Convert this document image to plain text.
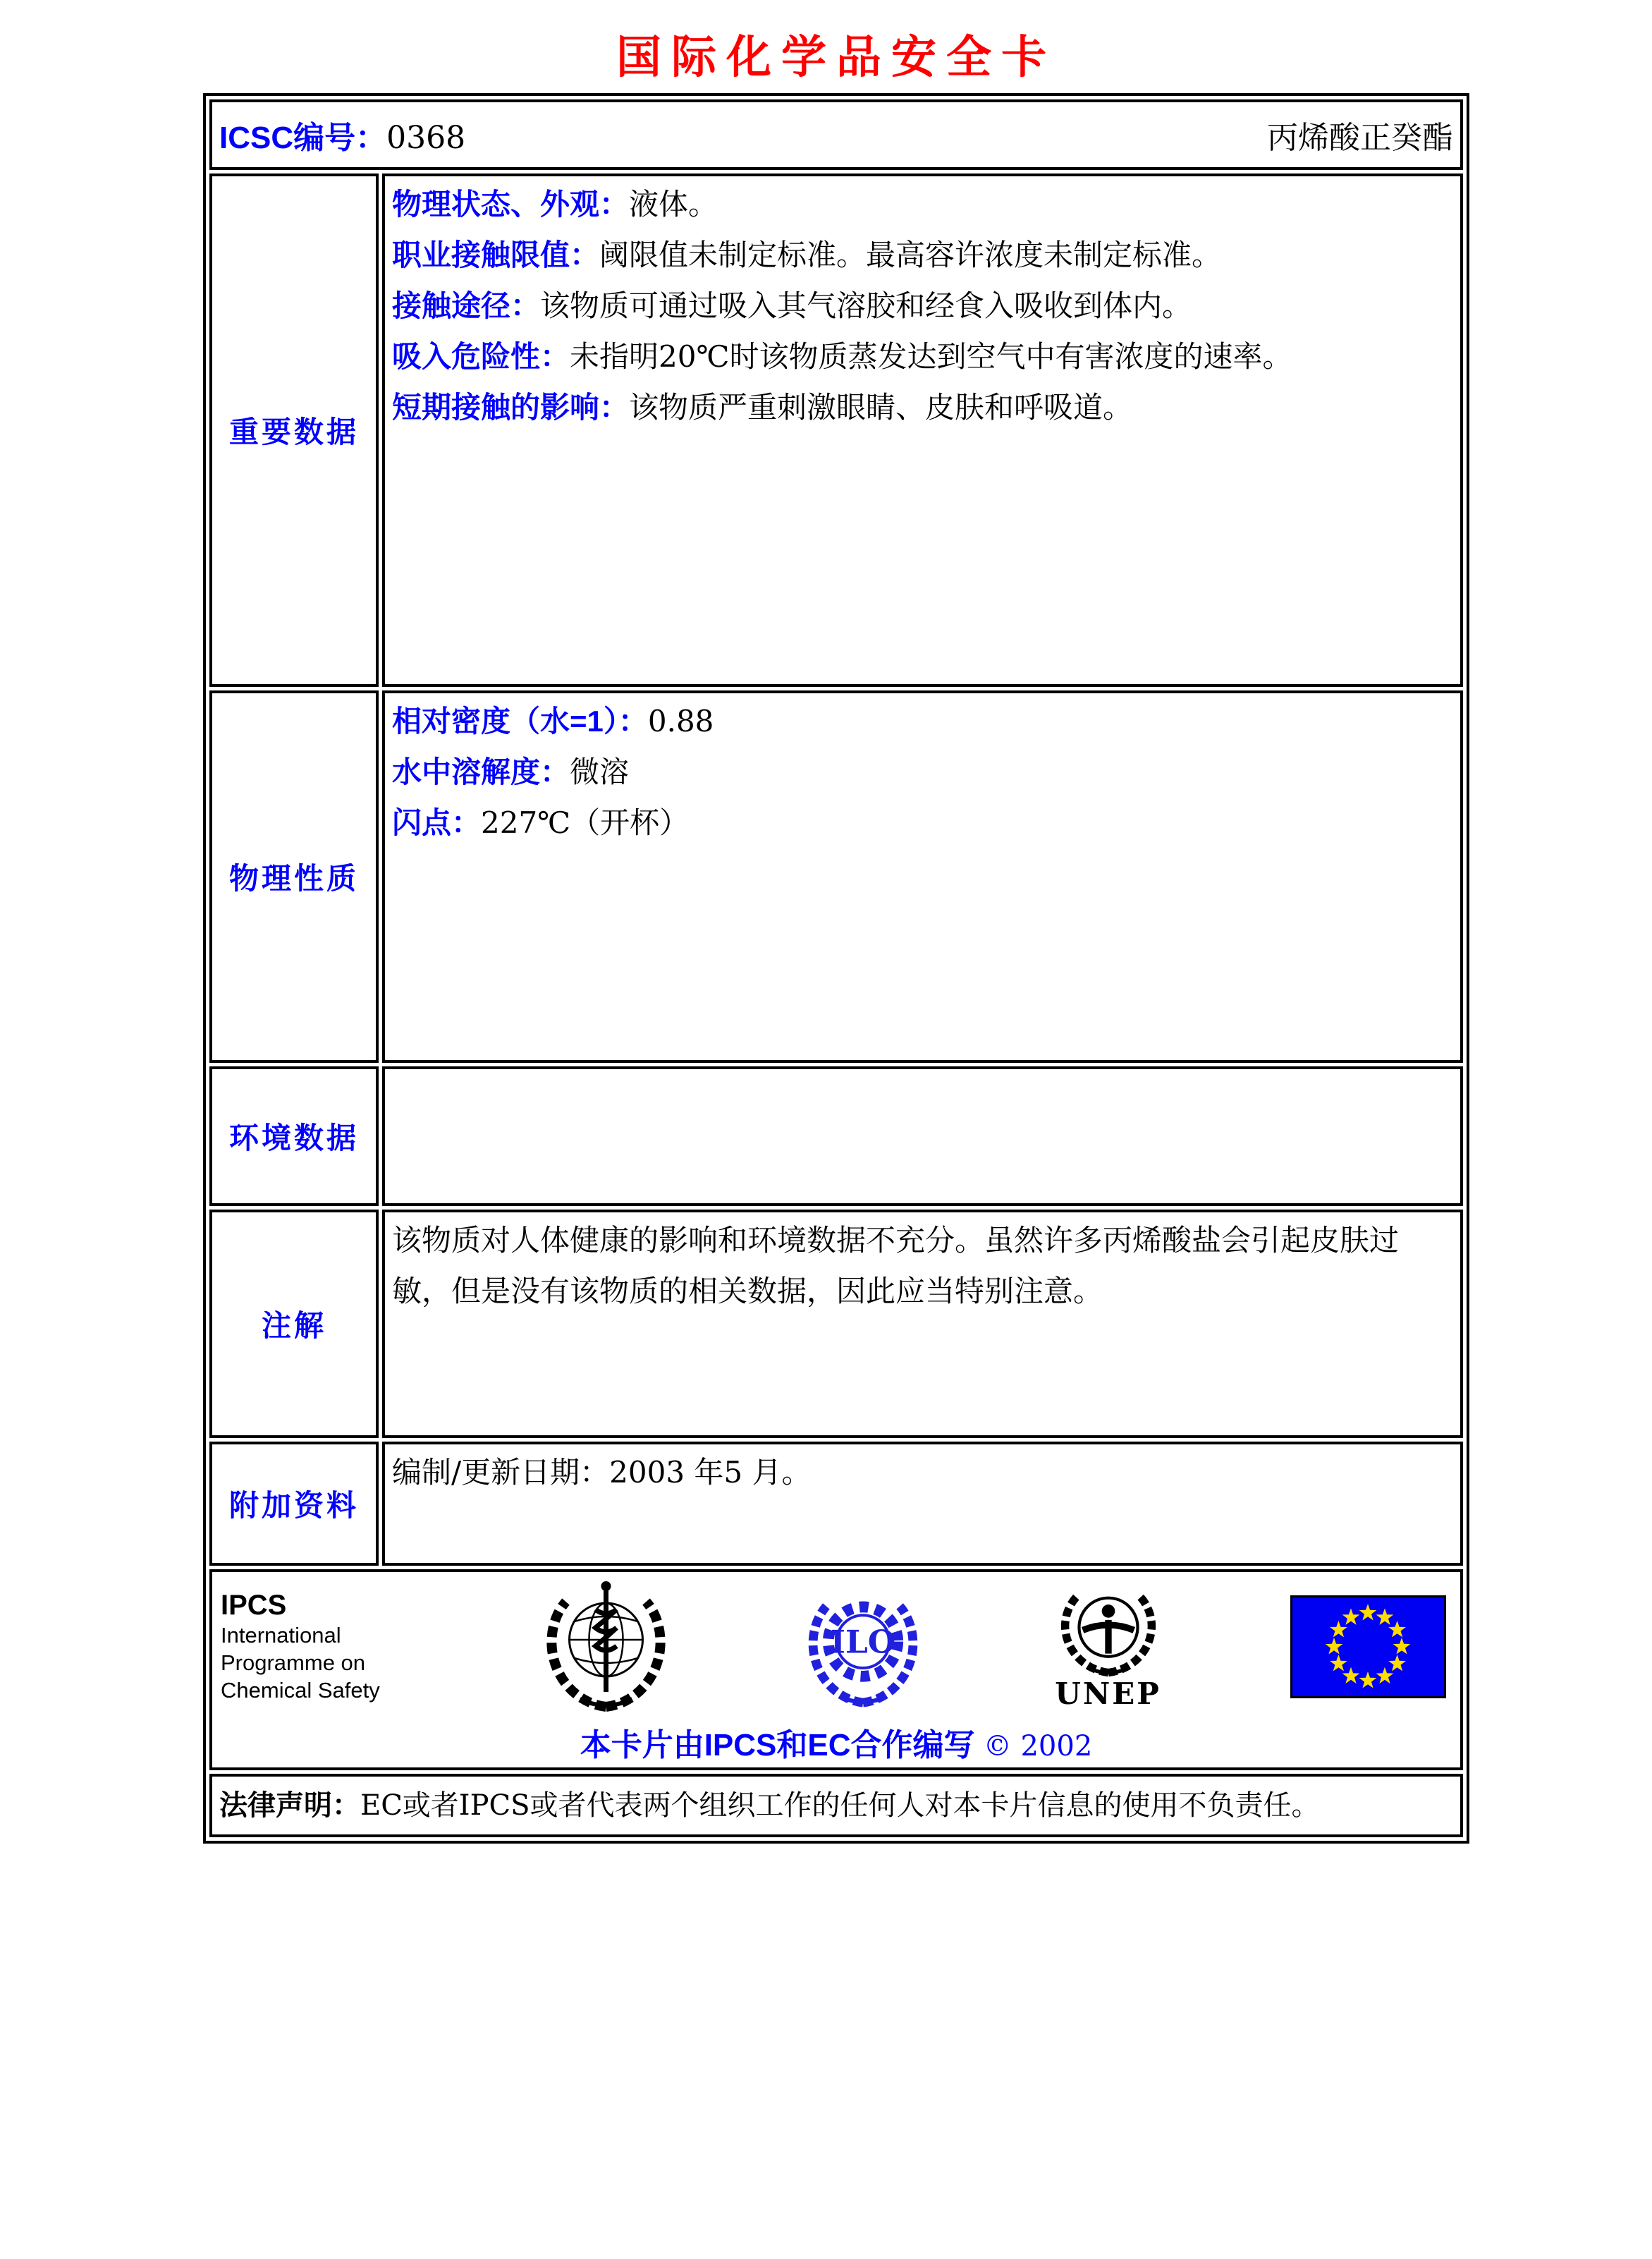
国际化学品安全卡
ICSC编号：0368 丙烯酸正癸酯	

重要数据	物理状态、外观：液体。
职业接触限值：阈限值未制定标准。最高容许浓度未制定标准。
接触途径：该物质可通过吸入其气溶胶和经食入吸收到体内。
吸入危险性：未指明20℃时该物质蒸发达到空气中有害浓度的速率。
短期接触的影响：该物质严重刺激眼睛、皮肤和呼吸道。

物理性质	相对密度（水=1）：0.88
水中溶解度：微溶
闪点：227℃（开杯）

环境数据	
注解	该物质对人体健康的影响和环境数据不充分。虽然许多丙烯酸盐会引起皮肤过敏，但是没有该物质的相关数据，因此应当特别注意。

附加资料	编制/更新日期：2003 年5 月。

IPCS
International
Programme on
Chemical Safety
ILO
UNEP
本卡片由IPCS和EC合作编写 © 2002

法律声明：EC或者IPCS或者代表两个组织工作的任何人对本卡片信息的使用不负责任。	
